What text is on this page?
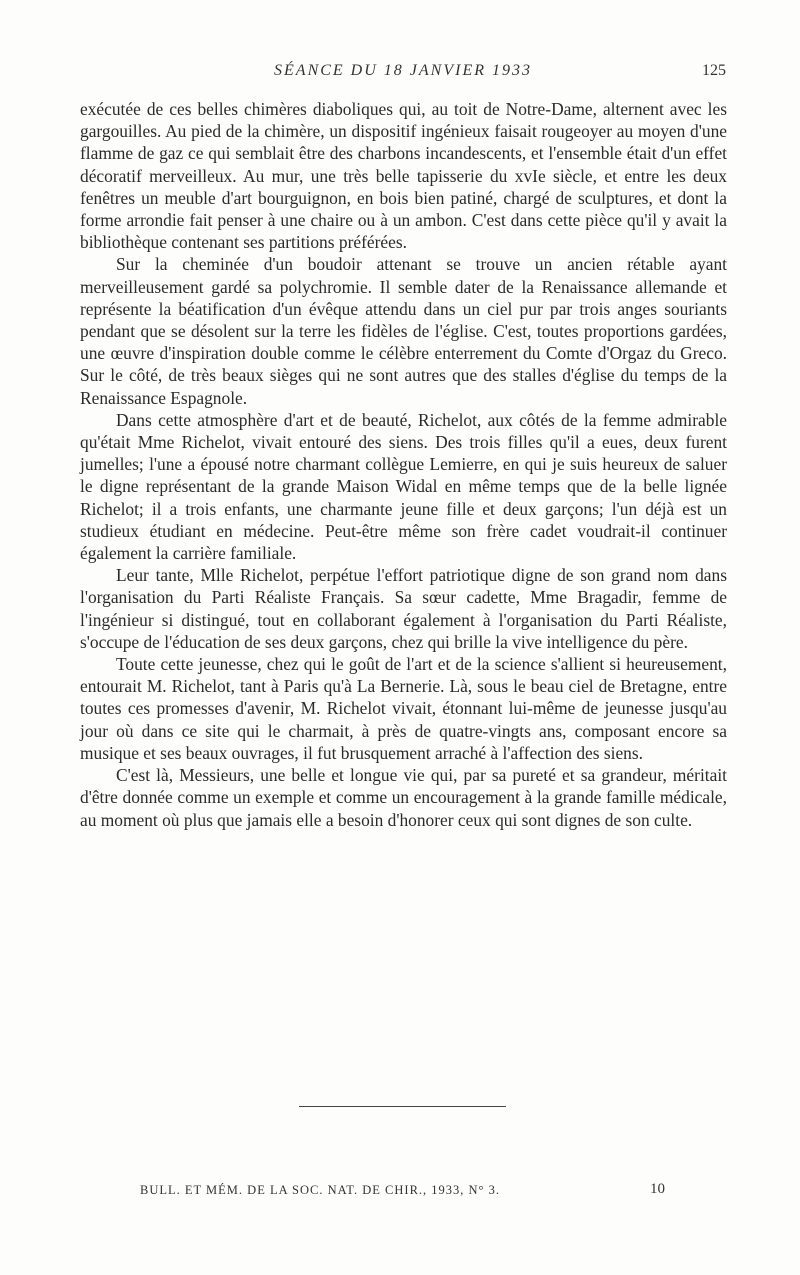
SÉANCE DU 18 JANVIER 1933	125

exécutée de ces belles chimères diaboliques qui, au toit de Notre-Dame, alternent avec les gargouilles. Au pied de la chimère, un dispositif ingénieux faisait rougeoyer au moyen d'une flamme de gaz ce qui semblait être des charbons incandescents, et l'ensemble était d'un effet décoratif merveilleux. Au mur, une très belle tapisserie du xvIe siècle, et entre les deux fenêtres un meuble d'art bourguignon, en bois bien patiné, chargé de sculptures, et dont la forme arrondie fait penser à une chaire ou à un ambon. C'est dans cette pièce qu'il y avait la bibliothèque contenant ses partitions préférées.

Sur la cheminée d'un boudoir attenant se trouve un ancien rétable ayant merveilleusement gardé sa polychromie. Il semble dater de la Renaissance allemande et représente la béatification d'un évêque attendu dans un ciel pur par trois anges souriants pendant que se désolent sur la terre les fidèles de l'église. C'est, toutes proportions gardées, une œuvre d'inspiration double comme le célèbre enterrement du Comte d'Orgaz du Greco. Sur le côté, de très beaux sièges qui ne sont autres que des stalles d'église du temps de la Renaissance Espagnole.

Dans cette atmosphère d'art et de beauté, Richelot, aux côtés de la femme admirable qu'était Mme Richelot, vivait entouré des siens. Des trois filles qu'il a eues, deux furent jumelles; l'une a épousé notre charmant collègue Lemierre, en qui je suis heureux de saluer le digne représentant de la grande Maison Widal en même temps que de la belle lignée Richelot; il a trois enfants, une charmante jeune fille et deux garçons; l'un déjà est un studieux étudiant en médecine. Peut-être même son frère cadet voudrait-il continuer également la carrière familiale.

Leur tante, Mlle Richelot, perpétue l'effort patriotique digne de son grand nom dans l'organisation du Parti Réaliste Français. Sa sœur cadette, Mme Bragadir, femme de l'ingénieur si distingué, tout en collaborant également à l'organisation du Parti Réaliste, s'occupe de l'éducation de ses deux garçons, chez qui brille la vive intelligence du père.

Toute cette jeunesse, chez qui le goût de l'art et de la science s'allient si heureusement, entourait M. Richelot, tant à Paris qu'à La Bernerie. Là, sous le beau ciel de Bretagne, entre toutes ces promesses d'avenir, M. Richelot vivait, étonnant lui-même de jeunesse jusqu'au jour où dans ce site qui le charmait, à près de quatre-vingts ans, composant encore sa musique et ses beaux ouvrages, il fut brusquement arraché à l'affection des siens.

C'est là, Messieurs, une belle et longue vie qui, par sa pureté et sa grandeur, méritait d'être donnée comme un exemple et comme un encouragement à la grande famille médicale, au moment où plus que jamais elle a besoin d'honorer ceux qui sont dignes de son culte.

BULL. ET MÉM. DE LA SOC. NAT. DE CHIR., 1933, N° 3.	10
